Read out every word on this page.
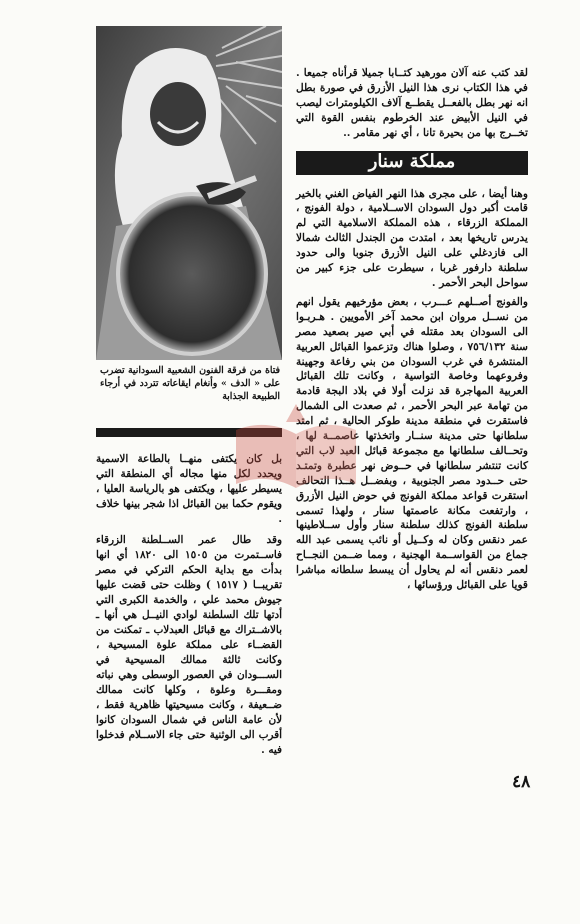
لقد كتب عنه آلان مورهيد كتــابا جميلا قرأناه جميعا . في هذا الكتاب نرى هذا النيل الأزرق في صورة بطل انه نهر بطل بالفعــل يقطــع آلاف الكيلومترات ليصب في النيل الأبيض عند الخرطوم بنفس القوة التي تخــرج بها من بحيرة تانا ، أي نهر مقامر ..

مملكة سنار

وهنا أيضا ، على مجرى هذا النهر الفياض الغني بالخير قامت أكبر دول السودان الاســلامية ، دولة الفونج ، المملكة الزرقاء ، هذه المملكة الاسلامية التي لم يدرس تاريخها بعد ، امتدت من الجندل الثالث شمالا الى فازدغلي على النيل الأزرق جنوبا والى حدود سلطنة دارفور غربا ، سيطرت على جزء كبير من سواحل البحر الأحمر .

والفونج أصــلهم عـــرب ، بعض مؤرخيهم يقول انهم من نســل مروان ابن محمد آخر الأمويين . هـربـوا الى السودان بعد مقتله في أبي صير بصعيد مصر سنة ٧٥٦/١٣٢ ، وصلوا هناك وتزعموا القبائل العربية المنتشرة في غرب السودان من بني رفاعة وجهينة وفروعهما وخاصة التواسية ، وكانت تلك القبائل العربية المهاجرة قد نزلت أولا في بلاد البجة قادمة من تهامة عبر البحر الأحمر ، ثم صعدت الى الشمال فاستقرت في منطقة مدينة طوكر الحالية ، ثم امتد سلطانها حتى مدينة سنــار واتخذتها عاصمــة لها ، وتحــالف سلطانها مع مجموعة قبائل العبد لاب التي كانت تنتشر سلطانها في حــوض نهر عطبرة وتمتـد حتى حــدود مصر الجنوبية ، وبفضــل هــذا التحالف استقرت قواعد مملكة الفونج في حوض النيل الأزرق ، وارتفعت مكانة عاصمتها سنار ، ولهذا تسمى سلطنة الفونج كذلك سلطنة سنار وأول ســلاطينها عمر دنقس وكان له وكــيل أو نائب يسمى عبد الله جماع من القواســمة الهجنية ، ومما ضــمن النجــاح لعمر دنقس أنه لم يحاول أن يبسط سلطانه مباشرا قويا على القبائل ورؤسائها ،

فتاة من فرقة الفنون الشعبية السودانية تضرب على « الدف » وأنغام ايقاعاته تتردد في أرجاء الطبيعة الجذابة

بل كان يكتفى منهــا بالطاعة الاسمية ويحدد لكل منها مجاله أي المنطقة التي يسيطر عليها ، ويكتفى هو بالرياسة العليا ، ويقوم حكما بين القبائل اذا شجر بينها خلاف .

وقد طال عمر الســلطنة الزرقاء فاســتمرت من ١٥٠٥ الى ١٨٢٠ أي انها بدأت مع بداية الحكم التركي في مصر تقريبــا ( ١٥١٧ ) وظلت حتى قضت عليها جيوش محمد علي ، والخدمة الكبرى التي أدتها تلك السلطنة لوادي النيــل هي أنها ـ بالاشــتراك مع قبائل العبدلاب ـ تمكنت من القضــاء على مملكة علوة المسيحية ، وكانت ثالثة ممالك المسيحية في الســـودان في العصور الوسطى وهي نباته ومقـــرة وعلوة ، وكلها كانت ممالك ضــعيفة ، وكانت مسيحيتها ظاهرية فقط ، لأن عامة الناس في شمال السودان كانوا أقرب الى الوثنية حتى جاء الاســلام فدخلوا فيه .

٤٨
